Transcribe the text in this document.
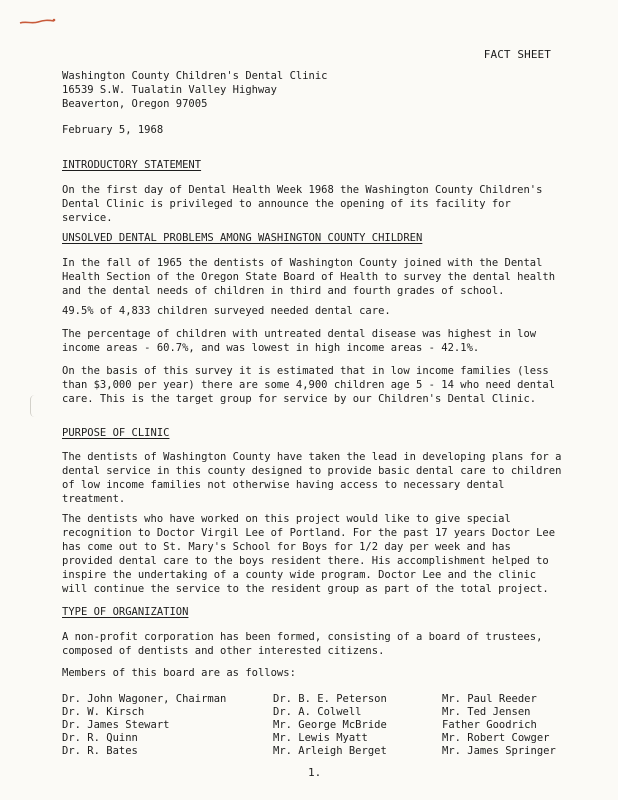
FACT SHEET
Washington County Children's Dental Clinic
16539 S.W. Tualatin Valley Highway
Beaverton, Oregon 97005
February 5, 1968
INTRODUCTORY STATEMENT

On the first day of Dental Health Week 1968 the Washington County Children's Dental Clinic is privileged to announce the opening of its facility for service.

UNSOLVED DENTAL PROBLEMS AMONG WASHINGTON COUNTY CHILDREN

In the fall of 1965 the dentists of Washington County joined with the Dental Health Section of the Oregon State Board of Health to survey the dental health and the dental needs of children in third and fourth grades of school.

49.5% of 4,833 children surveyed needed dental care.

The percentage of children with untreated dental disease was highest in low income areas - 60.7%, and was lowest in high income areas - 42.1%.

On the basis of this survey it is estimated that in low income families (less than $3,000 per year) there are some 4,900 children age 5 - 14 who need dental care. This is the target group for service by our Children's Dental Clinic.

PURPOSE OF CLINIC

The dentists of Washington County have taken the lead in developing plans for a dental service in this county designed to provide basic dental care to children of low income families not otherwise having access to necessary dental treatment.

The dentists who have worked on this project would like to give special recognition to Doctor Virgil Lee of Portland. For the past 17 years Doctor Lee has come out to St. Mary's School for Boys for 1/2 day per week and has provided dental care to the boys resident there. His accomplishment helped to inspire the undertaking of a county wide program. Doctor Lee and the clinic will continue the service to the resident group as part of the total project.

TYPE OF ORGANIZATION

A non-profit corporation has been formed, consisting of a board of trustees, composed of dentists and other interested citizens.

Members of this board are as follows:

Dr. John Wagoner, Chairman
Dr. W. Kirsch
Dr. James Stewart
Dr. R. Quinn
Dr. R. Bates
Dr. B. E. Peterson
Dr. A. Colwell
Mr. George McBride
Mr. Lewis Myatt
Mr. Arleigh Berget
Mr. Paul Reeder
Mr. Ted Jensen
Father Goodrich
Mr. Robert Cowger
Mr. James Springer
1.
